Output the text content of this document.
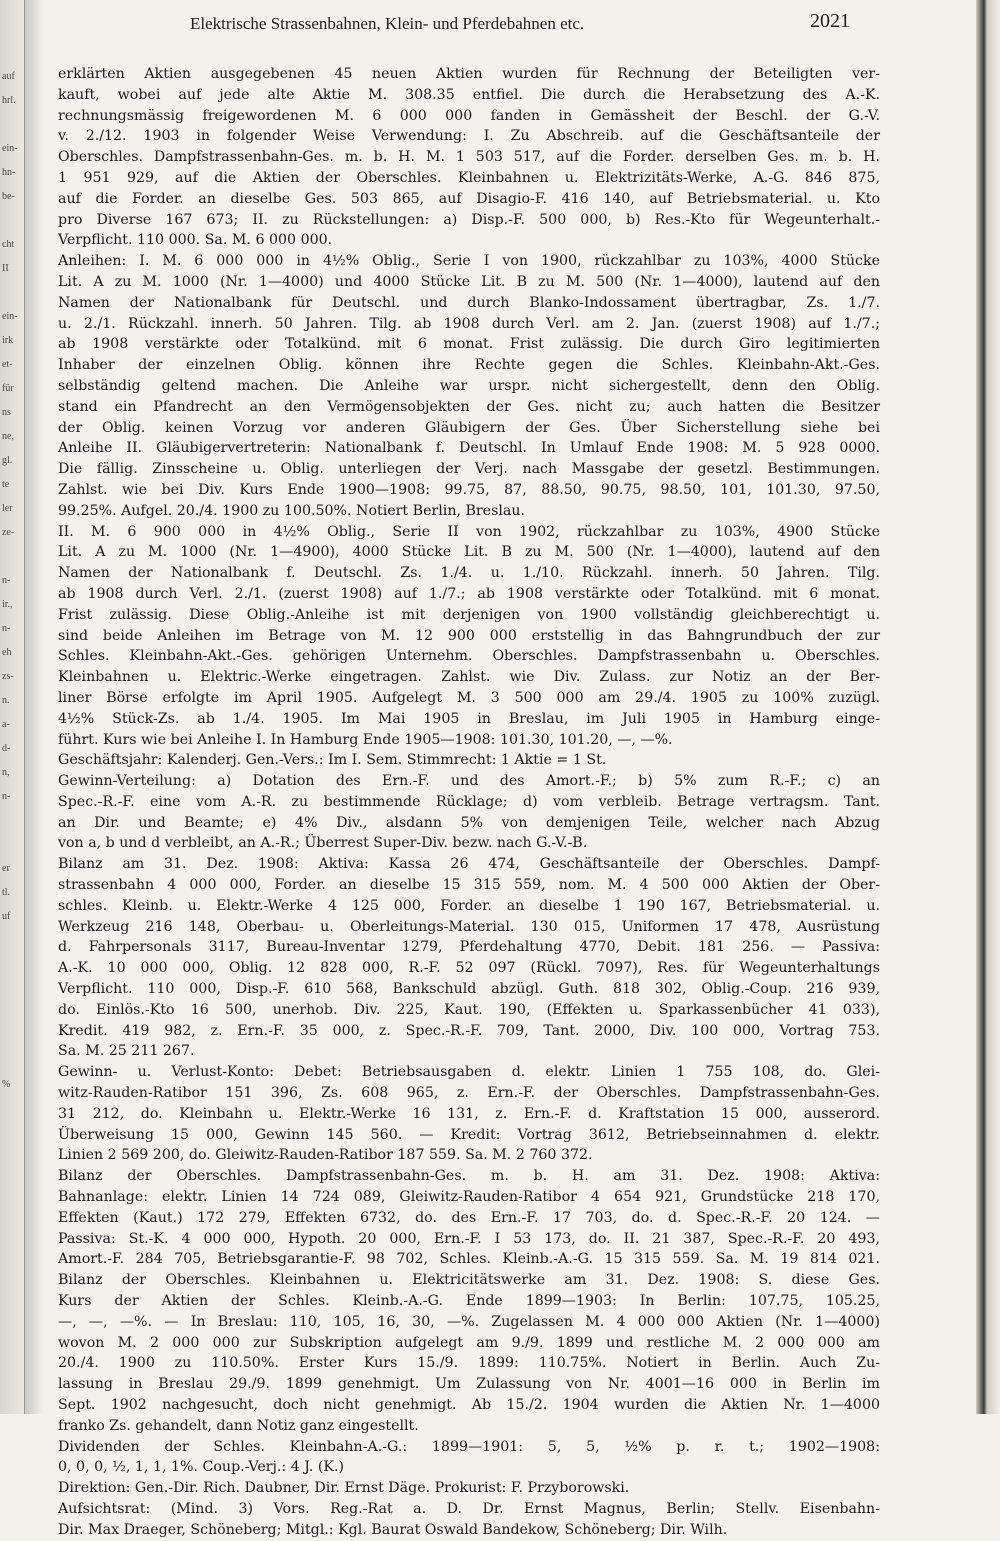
auf
hrl.
ein-
hn-
be-
cht
II
ein-
irk
et-
für
ns
ne,
gl.
te
ler
ze-
n-
ir.,
n-
eh
zs-
n.
a-
d-
n,
n-
er
tl.
uf
%
Elektrische Strassenbahnen, Klein- und Pferdebahnen etc.	2021
erklärten Aktien ausgegebenen 45 neuen Aktien wurden für Rechnung der Beteiligten ver-
kauft, wobei auf jede alte Aktie M. 308.35 entfiel. Die durch die Herabsetzung des A.-K.
rechnungsmässig freigewordenen M. 6 000 000 fanden in Gemässheit der Beschl. der G.-V.
v. 2./12. 1903 in folgender Weise Verwendung: I. Zu Abschreib. auf die Geschäftsanteile der
Oberschles. Dampfstrassenbahn-Ges. m. b. H. M. 1 503 517, auf die Forder. derselben Ges. m. b. H.
1 951 929, auf die Aktien der Oberschles. Kleinbahnen u. Elektrizitäts-Werke, A.-G. 846 875,
auf die Forder. an dieselbe Ges. 503 865, auf Disagio-F. 416 140, auf Betriebsmaterial. u. Kto
pro Diverse 167 673; II. zu Rückstellungen: a) Disp.-F. 500 000, b) Res.-Kto für Wegeunterhalt.-
Verpflicht. 110 000. Sa. M. 6 000 000.
Anleihen: I. M. 6 000 000 in 4½% Oblig., Serie I von 1900, rückzahlbar zu 103%, 4000 Stücke
Lit. A zu M. 1000 (Nr. 1—4000) und 4000 Stücke Lit. B zu M. 500 (Nr. 1—4000), lautend auf den
Namen der Nationalbank für Deutschl. und durch Blanko-Indossament übertragbar, Zs. 1./7.
u. 2./1. Rückzahl. innerh. 50 Jahren. Tilg. ab 1908 durch Verl. am 2. Jan. (zuerst 1908) auf 1./7.;
ab 1908 verstärkte oder Totalkünd. mit 6 monat. Frist zulässig. Die durch Giro legitimierten
Inhaber der einzelnen Oblig. können ihre Rechte gegen die Schles. Kleinbahn-Akt.-Ges.
selbständig geltend machen. Die Anleihe war urspr. nicht sichergestellt, denn den Oblig.
stand ein Pfandrecht an den Vermögensobjekten der Ges. nicht zu; auch hatten die Besitzer
der Oblig. keinen Vorzug vor anderen Gläubigern der Ges. Über Sicherstellung siehe bei
Anleihe II. Gläubigervertreterin: Nationalbank f. Deutschl. In Umlauf Ende 1908: M. 5 928 0000.
Die fällig. Zinsscheine u. Oblig. unterliegen der Verj. nach Massgabe der gesetzl. Bestimmungen.
Zahlst. wie bei Div. Kurs Ende 1900—1908: 99.75, 87, 88.50, 90.75, 98.50, 101, 101.30, 97.50,
99.25%. Aufgel. 20./4. 1900 zu 100.50%. Notiert Berlin, Breslau.
II. M. 6 900 000 in 4½% Oblig., Serie II von 1902, rückzahlbar zu 103%, 4900 Stücke
Lit. A zu M. 1000 (Nr. 1—4900), 4000 Stücke Lit. B zu M. 500 (Nr. 1—4000), lautend auf den
Namen der Nationalbank f. Deutschl. Zs. 1./4. u. 1./10. Rückzahl. innerh. 50 Jahren. Tilg.
ab 1908 durch Verl. 2./1. (zuerst 1908) auf 1./7.; ab 1908 verstärkte oder Totalkünd. mit 6 monat.
Frist zulässig. Diese Oblig.-Anleihe ist mit derjenigen von 1900 vollständig gleichberechtigt u.
sind beide Anleihen im Betrage von M. 12 900 000 erststellig in das Bahngrundbuch der zur
Schles. Kleinbahn-Akt.-Ges. gehörigen Unternehm. Oberschles. Dampfstrassenbahn u. Oberschles.
Kleinbahnen u. Elektric.-Werke eingetragen. Zahlst. wie Div. Zulass. zur Notiz an der Ber-
liner Börse erfolgte im April 1905. Aufgelegt M. 3 500 000 am 29./4. 1905 zu 100% zuzügl.
4½% Stück-Zs. ab 1./4. 1905. Im Mai 1905 in Breslau, im Juli 1905 in Hamburg einge-
führt. Kurs wie bei Anleihe I. In Hamburg Ende 1905—1908: 101.30, 101.20, —, —%.
Geschäftsjahr: Kalenderj. Gen.-Vers.: Im I. Sem. Stimmrecht: 1 Aktie = 1 St.
Gewinn-Verteilung: a) Dotation des Ern.-F. und des Amort.-F.; b) 5% zum R.-F.; c) an
Spec.-R.-F. eine vom A.-R. zu bestimmende Rücklage; d) vom verbleib. Betrage vertragsm. Tant.
an Dir. und Beamte; e) 4% Div., alsdann 5% von demjenigen Teile, welcher nach Abzug
von a, b und d verbleibt, an A.-R.; Überrest Super-Div. bezw. nach G.-V.-B.
Bilanz am 31. Dez. 1908: Aktiva: Kassa 26 474, Geschäftsanteile der Oberschles. Dampf-
strassenbahn 4 000 000, Forder. an dieselbe 15 315 559, nom. M. 4 500 000 Aktien der Ober-
schles. Kleinb. u. Elektr.-Werke 4 125 000, Forder. an dieselbe 1 190 167, Betriebsmaterial. u.
Werkzeug 216 148, Oberbau- u. Oberleitungs-Material. 130 015, Uniformen 17 478, Ausrüstung
d. Fahrpersonals 3117, Bureau-Inventar 1279, Pferdehaltung 4770, Debit. 181 256. — Passiva:
A.-K. 10 000 000, Oblig. 12 828 000, R.-F. 52 097 (Rückl. 7097), Res. für Wegeunterhaltungs
Verpflicht. 110 000, Disp.-F. 610 568, Bankschuld abzügl. Guth. 818 302, Oblig.-Coup. 216 939,
do. Einlös.-Kto 16 500, unerhob. Div. 225, Kaut. 190, (Effekten u. Sparkassenbücher 41 033),
Kredit. 419 982, z. Ern.-F. 35 000, z. Spec.-R.-F. 709, Tant. 2000, Div. 100 000, Vortrag 753.
Sa. M. 25 211 267.
Gewinn- u. Verlust-Konto: Debet: Betriebsausgaben d. elektr. Linien 1 755 108, do. Glei-
witz-Rauden-Ratibor 151 396, Zs. 608 965, z. Ern.-F. der Oberschles. Dampfstrassenbahn-Ges.
31 212, do. Kleinbahn u. Elektr.-Werke 16 131, z. Ern.-F. d. Kraftstation 15 000, ausserord.
Überweisung 15 000, Gewinn 145 560. — Kredit: Vortrag 3612, Betriebseinnahmen d. elektr.
Linien 2 569 200, do. Gleiwitz-Rauden-Ratibor 187 559. Sa. M. 2 760 372.
Bilanz der Oberschles. Dampfstrassenbahn-Ges. m. b. H. am 31. Dez. 1908: Aktiva:
Bahnanlage: elektr. Linien 14 724 089, Gleiwitz-Rauden-Ratibor 4 654 921, Grundstücke 218 170,
Effekten (Kaut.) 172 279, Effekten 6732, do. des Ern.-F. 17 703, do. d. Spec.-R.-F. 20 124. —
Passiva: St.-K. 4 000 000, Hypoth. 20 000, Ern.-F. I 53 173, do. II. 21 387, Spec.-R.-F. 20 493,
Amort.-F. 284 705, Betriebsgarantie-F. 98 702, Schles. Kleinb.-A.-G. 15 315 559. Sa. M. 19 814 021.
Bilanz der Oberschles. Kleinbahnen u. Elektricitätswerke am 31. Dez. 1908: S. diese Ges.
Kurs der Aktien der Schles. Kleinb.-A.-G. Ende 1899—1903: In Berlin: 107.75, 105.25,
—, —, —%. — In Breslau: 110, 105, 16, 30, —%. Zugelassen M. 4 000 000 Aktien (Nr. 1—4000)
wovon M. 2 000 000 zur Subskription aufgelegt am 9./9. 1899 und restliche M. 2 000 000 am
20./4. 1900 zu 110.50%. Erster Kurs 15./9. 1899: 110.75%. Notiert in Berlin. Auch Zu-
lassung in Breslau 29./9. 1899 genehmigt. Um Zulassung von Nr. 4001—16 000 in Berlin im
Sept. 1902 nachgesucht, doch nicht genehmigt. Ab 15./2. 1904 wurden die Aktien Nr. 1—4000
franko Zs. gehandelt, dann Notiz ganz eingestellt.
Dividenden der Schles. Kleinbahn-A.-G.: 1899—1901: 5, 5, ½% p. r. t.; 1902—1908:
0, 0, 0, ½, 1, 1, 1%. Coup.-Verj.: 4 J. (K.)
Direktion: Gen.-Dir. Rich. Daubner, Dir. Ernst Däge. Prokurist: F. Przyborowski.
Aufsichtsrat: (Mind. 3) Vors. Reg.-Rat a. D. Dr. Ernst Magnus, Berlin; Stellv. Eisenbahn-
Dir. Max Draeger, Schöneberg; Mitgl.: Kgl. Baurat Oswald Bandekow, Schöneberg; Dir. Wilh.
